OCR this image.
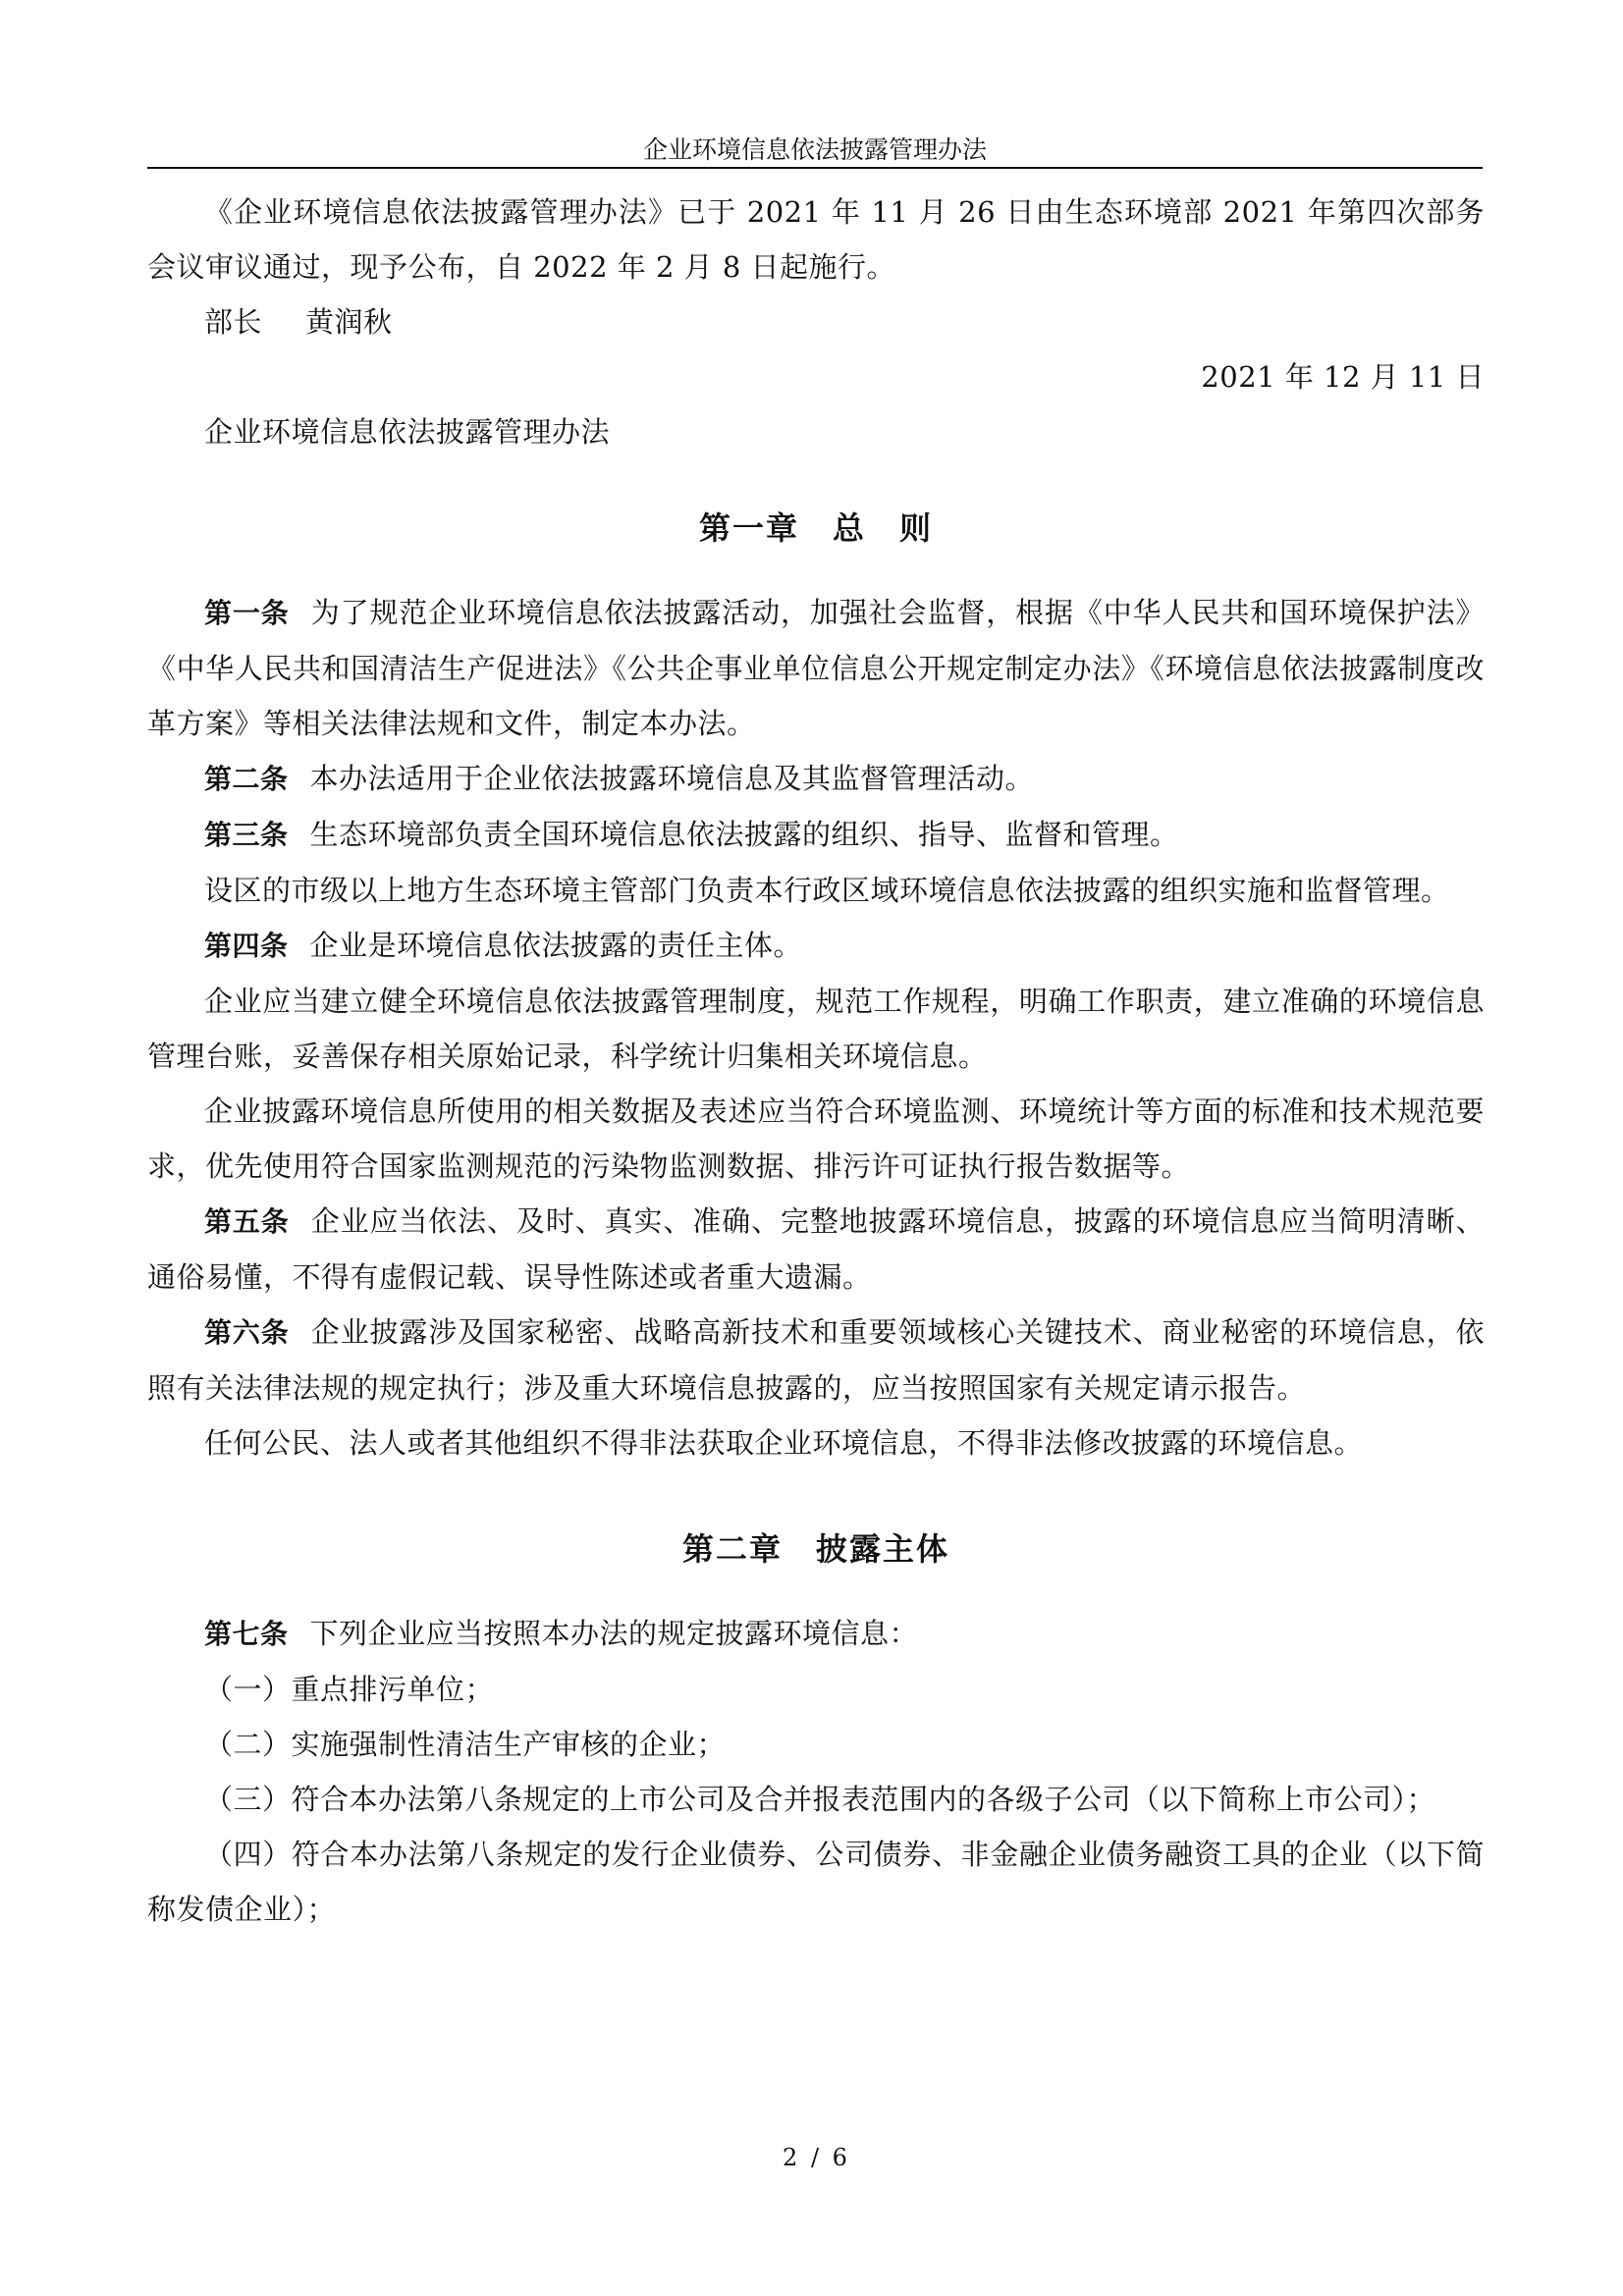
企业环境信息依法披露管理办法

《企业环境信息依法披露管理办法》已于 2021 年 11 月 26 日由生态环境部 2021 年第四次部务会议审议通过，现予公布，自 2022 年 2 月 8 日起施行。

部长 黄润秋

2021 年 12 月 11 日

企业环境信息依法披露管理办法

第一章　总　则

第一条 为了规范企业环境信息依法披露活动，加强社会监督，根据《中华人民共和国环境保护法》《中华人民共和国清洁生产促进法》《公共企事业单位信息公开规定制定办法》《环境信息依法披露制度改革方案》等相关法律法规和文件，制定本办法。

第二条 本办法适用于企业依法披露环境信息及其监督管理活动。

第三条 生态环境部负责全国环境信息依法披露的组织、指导、监督和管理。

设区的市级以上地方生态环境主管部门负责本行政区域环境信息依法披露的组织实施和监督管理。

第四条 企业是环境信息依法披露的责任主体。

企业应当建立健全环境信息依法披露管理制度，规范工作规程，明确工作职责，建立准确的环境信息管理台账，妥善保存相关原始记录，科学统计归集相关环境信息。

企业披露环境信息所使用的相关数据及表述应当符合环境监测、环境统计等方面的标准和技术规范要求，优先使用符合国家监测规范的污染物监测数据、排污许可证执行报告数据等。

第五条 企业应当依法、及时、真实、准确、完整地披露环境信息，披露的环境信息应当简明清晰、通俗易懂，不得有虚假记载、误导性陈述或者重大遗漏。

第六条 企业披露涉及国家秘密、战略高新技术和重要领域核心关键技术、商业秘密的环境信息，依照有关法律法规的规定执行；涉及重大环境信息披露的，应当按照国家有关规定请示报告。

任何公民、法人或者其他组织不得非法获取企业环境信息，不得非法修改披露的环境信息。

第二章　披露主体

第七条 下列企业应当按照本办法的规定披露环境信息：

（一）重点排污单位；

（二）实施强制性清洁生产审核的企业；

（三）符合本办法第八条规定的上市公司及合并报表范围内的各级子公司（以下简称上市公司）；

（四）符合本办法第八条规定的发行企业债券、公司债券、非金融企业债务融资工具的企业（以下简称发债企业）；

2 / 6
